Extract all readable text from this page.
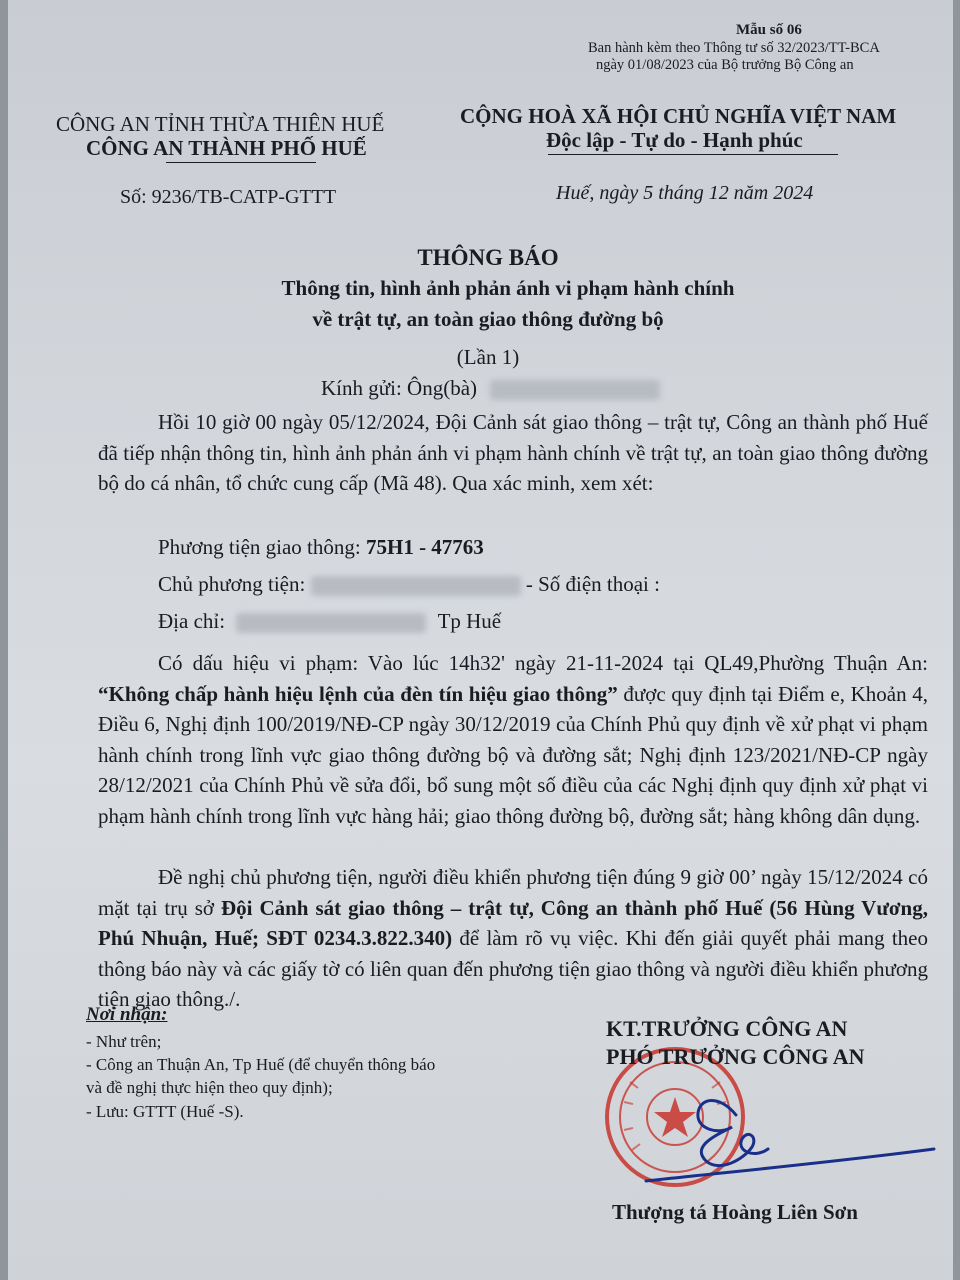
Mẫu số 06
Ban hành kèm theo Thông tư số 32/2023/TT-BCA
ngày 01/08/2023 của Bộ trưởng Bộ Công an
CÔNG AN TỈNH THỪA THIÊN HUẾ
CÔNG AN THÀNH PHỐ HUẾ
Số: 9236/TB-CATP-GTTT
CỘNG HOÀ XÃ HỘI CHỦ NGHĨA VIỆT NAM
Độc lập - Tự do - Hạnh phúc
Huế, ngày 5 tháng 12 năm 2024
THÔNG BÁO
Thông tin, hình ảnh phản ánh vi phạm hành chính
về trật tự, an toàn giao thông đường bộ
(Lần 1)
Kính gửi: Ông(bà)
Hồi 10 giờ 00 ngày 05/12/2024, Đội Cảnh sát giao thông – trật tự, Công an thành phố Huế đã tiếp nhận thông tin, hình ảnh phản ánh vi phạm hành chính về trật tự, an toàn giao thông đường bộ do cá nhân, tổ chức cung cấp (Mã 48). Qua xác minh, xem xét:
Phương tiện giao thông: 75H1 - 47763
Chủ phương tiện:	- Số điện thoại :
Địa chỉ:	Tp Huế
Có dấu hiệu vi phạm: Vào lúc 14h32' ngày 21-11-2024 tại QL49,Phường Thuận An: “Không chấp hành hiệu lệnh của đèn tín hiệu giao thông” được quy định tại Điểm e, Khoản 4, Điều 6, Nghị định 100/2019/NĐ-CP ngày 30/12/2019 của Chính Phủ quy định về xử phạt vi phạm hành chính trong lĩnh vực giao thông đường bộ và đường sắt; Nghị định 123/2021/NĐ-CP ngày 28/12/2021 của Chính Phủ về sửa đổi, bổ sung một số điều của các Nghị định quy định xử phạt vi phạm hành chính trong lĩnh vực hàng hải; giao thông đường bộ, đường sắt; hàng không dân dụng.
Đề nghị chủ phương tiện, người điều khiển phương tiện đúng 9 giờ 00’ ngày 15/12/2024 có mặt tại trụ sở Đội Cảnh sát giao thông – trật tự, Công an thành phố Huế (56 Hùng Vương, Phú Nhuận, Huế; SĐT 0234.3.822.340) để làm rõ vụ việc. Khi đến giải quyết phải mang theo thông báo này và các giấy tờ có liên quan đến phương tiện giao thông và người điều khiển phương tiện giao thông./.
Nơi nhận:
- Như trên;
- Công an Thuận An, Tp Huế (để chuyển thông báo
và đề nghị thực hiện theo quy định);
- Lưu: GTTT (Huế -S).
KT.TRƯỞNG CÔNG AN
PHÓ TRƯỞNG CÔNG AN
Thượng tá Hoàng Liên Sơn
